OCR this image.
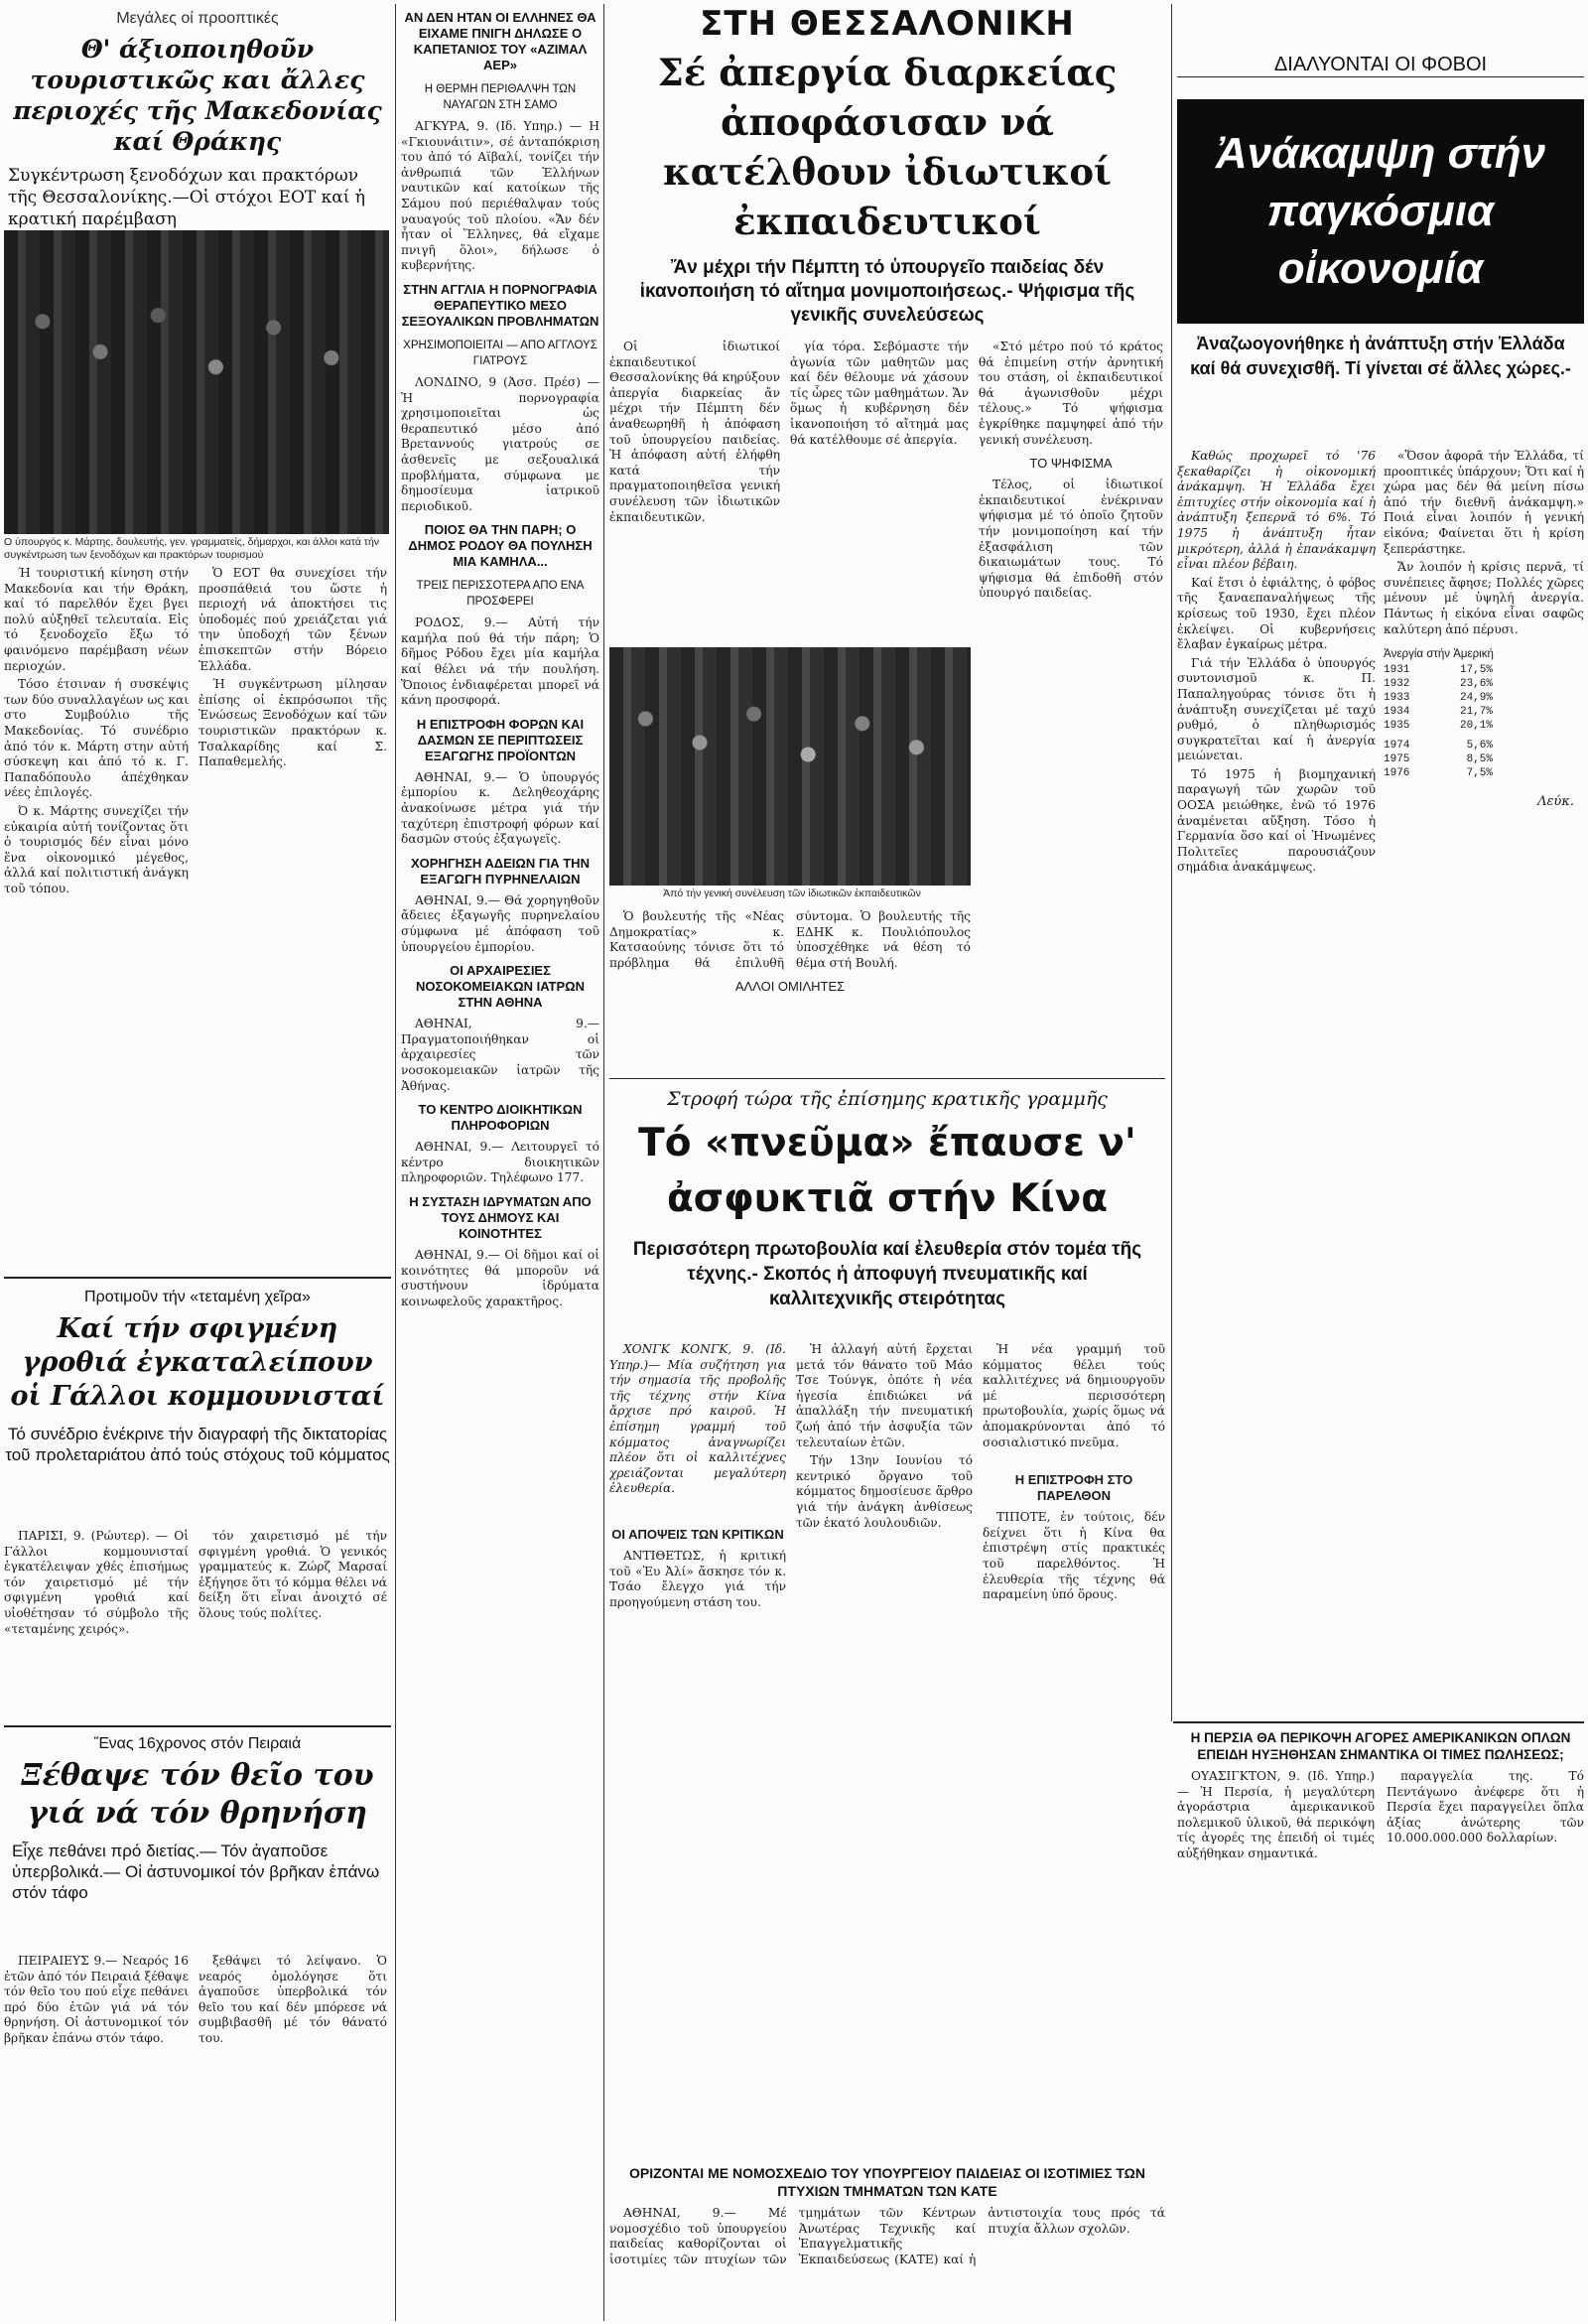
Μεγάλες οί προοπτικές
Θ' άξιοποιηθοῦν τουριστικῶς και ἄλλες περιοχές τῆς Μακεδονίας καί Θράκης
Συγκέντρωση ξενοδόχων και πρακτόρων τῆς Θεσσαλονίκης.—Οἱ στόχοι ΕΟΤ καί ἡ κρατική παρέμβαση
Ο ύπουργός κ. Μάρτης, δουλευτής, γεν. γραμματείς, δήμαρχοι, και άλλοι κατά τήν συγκέντρωση των ξενοδόχων και πρακτόρων τουρισμού

Ή τουριστική κίνηση στήν Μακεδονία και τήν Θράκη, καί τό παρελθόν ἔχει βγει πολύ αὐξηθεῖ τελευταία. Εἰς τό ξενοδοχεῖο ἔξω τό φαινόμενο παρέμβαση νέων περιοχών.

Τόσο έτσιναν ή συσκέψις των δύο συναλλαγέων ως και στο Συμβούλιο τῆς Μακεδονίας. Τό συνέδριο ἀπό τόν κ. Μάρτη στην αὐτή σύσκεψη και ἀπό τό κ. Γ. Παπαδόπουλο ἀπέχθηκαν νέες ἐπιλογές.

Ό κ. Μάρτης συνεχίζει τήν εὐκαιρία αὐτή τονίζοντας ὅτι ὁ τουρισμός δέν εἶναι μόνο ἕνα οἰκονομικό μέγεθος, ἀλλά καί πολιτιστική ἀνάγκη τοῦ τόπου.

Ὁ ΕΟΤ θα συνεχίσει τήν προσπάθειά του ὥστε ἡ περιοχή νά ἀποκτήσει τις ὑποδομές πού χρειάζεται γιά την ὑποδοχή τῶν ξένων ἐπισκεπτῶν στήν Βόρειο Ἑλλάδα.

Ή συγκέντρωση μίλησαν ἐπίσης οἱ ἐκπρόσωποι τῆς Ἑνώσεως Ξενοδόχων καί τῶν τουριστικῶν πρακτόρων κ. Τσαλκαρίδης καί Σ. Παπαθεμελής.

Προτιμοῦν τήν «τεταμένη χεῖρα»
Καί τήν σφιγμένη γροθιά ἐγκαταλείπουν οἱ Γάλλοι κομμουνισταί
Τό συνέδριο ἐνέκρινε τήν διαγραφή τῆς δικτατορίας τοῦ προλεταριάτου ἀπό τούς στόχους τοῦ κόμματος

ΠΑΡΙΣΙ, 9. (Ρώυτερ). — Οἱ Γάλλοι κομμουνισταί ἐγκατέλειψαν χθές ἐπισήμως τόν χαιρετισμό μέ τήν σφιγμένη γροθιά καί υἱοθέτησαν τό σύμβολο τῆς «τεταμένης χειρός».

τόν χαιρετισμό μέ τήν σφιγμένη γροθιά. Ὁ γενικός γραμματεύς κ. Ζώρζ Μαρσαί ἐξήγησε ὅτι τό κόμμα θέλει νά δείξη ὅτι εἶναι ἀνοιχτό σέ ὅλους τούς πολίτες.

Ἕνας 16χρονος στόν Πειραιά
Ξέθαψε τόν θεῖο του γιά νά τόν θρηνήση
Εἶχε πεθάνει πρό διετίας.— Τόν ἀγαποῦσε ὑπερβολικά.— Οἱ ἀστυνομικοί τόν βρῆκαν ἐπάνω στόν τάφο

ΠΕΙΡΑΙΕΥΣ 9.— Νεαρός 16 ἐτῶν ἀπό τόν Πειραιά ξέθαψε τόν θεῖο του πού εἶχε πεθάνει πρό δύο ἐτῶν γιά νά τόν θρηνήση. Οἱ ἀστυνομικοί τόν βρῆκαν ἐπάνω στόν τάφο.

ξεθάψει τό λείψανο. Ὁ νεαρός ὁμολόγησε ὅτι ἀγαποῦσε ὑπερβολικά τόν θεῖο του καί δέν μπόρεσε νά συμβιβασθῆ μέ τόν θάνατό του.

ΑΝ ΔΕΝ ΗΤΑΝ ΟΙ ΕΛΛΗΝΕΣ ΘΑ ΕΙΧΑΜΕ ΠΝΙΓΗ ΔΗΛΩΣΕ Ο ΚΑΠΕΤΑΝΙΟΣ ΤΟΥ «ΑΖΙΜΑΛ ΑΕΡ»
Η ΘΕΡΜΗ ΠΕΡΙΘΑΛΨΗ ΤΩΝ ΝΑΥΑΓΩΝ ΣΤΗ ΣΑΜΟ

ΑΓΚΥΡΑ, 9. (Ιδ. Υπηρ.) — Η «Γκιουνάιτιν», σέ ἀνταπόκριση του ἀπό τό Αϊβαλί, τονίζει τήν ἀνθρωπιά τῶν Ἑλλήνων ναυτικῶν καί κατοίκων τῆς Σάμου πού περιέθαλψαν τούς ναυαγούς τοῦ πλοίου. «Ἄν δέν ἦταν οἱ Ἕλληνες, θά εἴχαμε πνιγῆ ὅλοι», δήλωσε ὁ κυβερνήτης.

ΣΤΗΝ ΑΓΓΛΙΑ Η ΠΟΡΝΟΓΡΑΦΙΑ ΘΕΡΑΠΕΥΤΙΚΟ ΜΕΣΟ ΣΕΞΟΥΑΛΙΚΩΝ ΠΡΟΒΛΗΜΑΤΩΝ
ΧΡΗΣΙΜΟΠΟΙΕΙΤΑΙ — ΑΠΟ ΑΓΓΛΟΥΣ ΓΙΑΤΡΟΥΣ

ΛΟΝΔΙΝΟ, 9 (Ἀσσ. Πρέσ) — Ἡ πορνογραφία χρησιμοποιεῖται ὡς θεραπευτικό μέσο ἀπό Βρεταννούς γιατρούς σε ἀσθενεῖς με σεξουαλικά προβλήματα, σύμφωνα με δημοσίευμα ἰατρικοῦ περιοδικοῦ.

ΠΟΙΟΣ ΘΑ ΤΗΝ ΠΑΡΗ; Ο ΔΗΜΟΣ ΡΟΔΟΥ ΘΑ ΠΟΥΛΗΣΗ ΜΙΑ ΚΑΜΗΛΑ...
ΤΡΕΙΣ ΠΕΡΙΣΣΟΤΕΡΑ ΑΠΟ ΕΝΑ ΠΡΟΣΦΕΡΕΙ

ΡΟΔΟΣ, 9.— Αὐτή τήν καμήλα πού θά τήν πάρη; Ὁ δῆμος Ρόδου ἔχει μία καμήλα καί θέλει νά τήν πουλήση. Ὅποιος ἐνδιαφέρεται μπορεῖ νά κάνη προσφορά.

Η ΕΠΙΣΤΡΟΦΗ ΦΟΡΩΝ ΚΑΙ ΔΑΣΜΩΝ ΣΕ ΠΕΡΙΠΤΩΣΕΙΣ ΕΞΑΓΩΓΗΣ ΠΡΟΪΟΝΤΩΝ

ΑΘΗΝΑΙ, 9.— Ὁ ὑπουργός ἐμπορίου κ. Δεληθεοχάρης ἀνακοίνωσε μέτρα γιά τήν ταχύτερη ἐπιστροφή φόρων καί δασμῶν στούς ἐξαγωγεῖς.

ΧΟΡΗΓΗΣΗ ΑΔΕΙΩΝ ΓΙΑ ΤΗΝ ΕΞΑΓΩΓΗ ΠΥΡΗΝΕΛΑΙΩΝ

ΑΘΗΝΑΙ, 9.— Θά χορηγηθοῦν ἄδειες ἐξαγωγῆς πυρηνελαίου σύμφωνα μέ ἀπόφαση τοῦ ὑπουργείου ἐμπορίου.

ΟΙ ΑΡΧΑΙΡΕΣΙΕΣ ΝΟΣΟΚΟΜΕΙΑΚΩΝ ΙΑΤΡΩΝ ΣΤΗΝ ΑΘΗΝΑ

ΑΘΗΝΑΙ, 9.— Πραγματοποιήθηκαν οἱ ἀρχαιρεσίες τῶν νοσοκομειακῶν ἰατρῶν τῆς Ἀθήνας.

ΤΟ ΚΕΝΤΡΟ ΔΙΟΙΚΗΤΙΚΩΝ ΠΛΗΡΟΦΟΡΙΩΝ

ΑΘΗΝΑΙ, 9.— Λειτουργεῖ τό κέντρο διοικητικῶν πληροφοριῶν. Τηλέφωνο 177.

Η ΣΥΣΤΑΣΗ ΙΔΡΥΜΑΤΩΝ ΑΠΟ ΤΟΥΣ ΔΗΜΟΥΣ ΚΑΙ ΚΟΙΝΟΤΗΤΕΣ

ΑΘΗΝΑΙ, 9.— Οἱ δῆμοι καί οἱ κοινότητες θά μποροῦν νά συστήνουν ἱδρύματα κοινωφελοῦς χαρακτῆρος.

ΣΤΗ ΘΕΣΣΑΛΟΝΙΚΗ
Σέ ἀπεργία διαρκείας ἀποφάσισαν νά κατέλθουν ἰδιωτικοί ἐκπαιδευτικοί
Ἄν μέχρι τήν Πέμπτη τό ὑπουργεῖο παιδείας δέν ἱκανοποιήση τό αἴτημα μονιμοποιήσεως.- Ψήφισμα τῆς γενικῆς συνελεύσεως

Οἱ ἰδιωτικοί ἐκπαιδευτικοί Θεσσαλονίκης θά κηρύξουν ἀπεργία διαρκείας ἄν μέχρι τήν Πέμπτη δέν ἀναθεωρηθῆ ἡ ἀπόφαση τοῦ ὑπουργείου παιδείας. Ἡ ἀπόφαση αὐτή ἐλήφθη κατά τήν πραγματοποιηθεῖσα γενική συνέλευση τῶν ἰδιωτικῶν ἐκπαιδευτικῶν.

γία τόρα. Σεβόμαστε τήν ἀγωνία τῶν μαθητῶν μας καί δέν θέλουμε νά χάσουν τίς ὧρες τῶν μαθημάτων. Ἄν ὅμως ἡ κυβέρνηση δέν ἱκανοποιήση τό αἴτημά μας θά κατέλθουμε σέ ἀπεργία.

«Στό μέτρο πού τό κράτος θά ἐπιμείνη στήν ἀρνητική του στάση, οἱ ἐκπαιδευτικοί θά ἀγωνισθοῦν μέχρι τέλους.» Τό ψήφισμα ἐγκρίθηκε παμψηφεί ἀπό τήν γενική συνέλευση.

ΤΟ ΨΗΦΙΣΜΑ

Τέλος, οἱ ἰδιωτικοί ἐκπαιδευτικοί ἐνέκριναν ψήφισμα μέ τό ὁποῖο ζητοῦν τήν μονιμοποίηση καί τήν ἐξασφάλιση τῶν δικαιωμάτων τους. Τό ψήφισμα θά ἐπιδοθῆ στόν ὑπουργό παιδείας.

Ἀπό τήν γενική συνέλευση τῶν ἰδιωτικῶν ἐκπαιδευτικῶν

Ὁ βουλευτής τῆς «Νέας Δημοκρατίας» κ. Κατσαούνης τόνισε ὅτι τό πρόβλημα θά ἐπιλυθῆ σύντομα. Ὁ βουλευτής τῆς ΕΔΗΚ κ. Πουλιόπουλος ὑποσχέθηκε νά θέση τό θέμα στή Βουλή.

ΑΛΛΟΙ ΟΜΙΛΗΤΕΣ
Στροφή τώρα τῆς ἐπίσημης κρατικῆς γραμμῆς
Τό «πνεῦμα» ἔπαυσε ν' ἀσφυκτιᾶ στήν Κίνα
Περισσότερη πρωτοβουλία καί ἐλευθερία στόν τομέα τῆς τέχνης.- Σκοπός ἡ ἀποφυγή πνευματικῆς καί καλλιτεχνικῆς στειρότητας

ΧΟΝΓΚ ΚΟΝΓΚ, 9. (Ιδ. Υπηρ.)— Μία συζήτηση για τήν σημασία τῆς προβολῆς τῆς τέχνης στήν Κίνα ἄρχισε πρό καιροῦ. Ἡ ἐπίσημη γραμμή τοῦ κόμματος ἀναγνωρίζει πλέον ὅτι οἱ καλλιτέχνες χρειάζονται μεγαλύτερη ἐλευθερία.

ΟΙ ΑΠΟΨΕΙΣ ΤΩΝ ΚΡΙΤΙΚΩΝ

ΑΝΤΙΘΕΤΩΣ, ἡ κριτική τοῦ «Ἐυ Ἀλί» ἄσκησε τόν κ. Τσάο ἔλεγχο γιά τήν προηγούμενη στάση του.

Ἡ ἀλλαγή αὐτή ἔρχεται μετά τόν θάνατο τοῦ Μάο Τσε Τούνγκ, ὁπότε ἡ νέα ἡγεσία ἐπιδιώκει νά ἀπαλλάξη τήν πνευματική ζωή ἀπό τήν ἀσφυξία τῶν τελευταίων ἐτῶν.

Τήν 13ην Ιουνίου τό κεντρικό ὄργανο τοῦ κόμματος δημοσίευσε ἄρθρο γιά τήν ἀνάγκη ἀνθίσεως τῶν ἑκατό λουλουδιῶν.

Ἡ νέα γραμμή τοῦ κόμματος θέλει τούς καλλιτέχνες νά δημιουργοῦν μέ περισσότερη πρωτοβουλία, χωρίς ὅμως νά ἀπομακρύνονται ἀπό τό σοσιαλιστικό πνεῦμα.

Η ΕΠΙΣΤΡΟΦΗ ΣΤΟ ΠΑΡΕΛΘΟΝ

ΤΙΠΟΤΕ, ἐν τούτοις, δέν δείχνει ὅτι ἡ Κίνα θα ἐπιστρέψη στίς πρακτικές τοῦ παρελθόντος. Ἡ ἐλευθερία τῆς τέχνης θά παραμείνη ὑπό ὅρους.

ΟΡΙΖΟΝΤΑΙ ΜΕ ΝΟΜΟΣΧΕΔΙΟ ΤΟΥ ΥΠΟΥΡΓΕΙΟΥ ΠΑΙΔΕΙΑΣ ΟΙ ΙΣΟΤΙΜΙΕΣ ΤΩΝ ΠΤΥΧΙΩΝ ΤΜΗΜΑΤΩΝ ΤΩΝ ΚΑΤΕ

ΑΘΗΝΑΙ, 9.— Μέ νομοσχέδιο τοῦ ὑπουργείου παιδείας καθορίζονται οἱ ἰσοτιμίες τῶν πτυχίων τῶν τμημάτων τῶν Κέντρων Ἀνωτέρας Τεχνικῆς καί Ἐπαγγελματικῆς Ἐκπαιδεύσεως (ΚΑΤΕ) καί ἡ ἀντιστοιχία τους πρός τά πτυχία ἄλλων σχολῶν.

ΔΙΑΛΥΟΝΤΑΙ ΟΙ ΦΟΒΟΙ
Ἀνάκαμψη στήν παγκόσμια οἰκονομία
Ἀναζωογονήθηκε ἡ ἀνάπτυξη στήν Ἑλλάδα καί θά συνεχισθῆ. Τί γίνεται σέ ἄλλες χώρες.-

Καθώς προχωρεῖ τό '76 ξεκαθαρίζει ἡ οἰκονομική ἀνάκαμψη. Ἡ Ἑλλάδα ἔχει ἐπιτυχίες στήν οἰκονομία καί ἡ ἀνάπτυξη ξεπερνᾶ τό 6%. Τό 1975 ἡ ἀνάπτυξη ἦταν μικρότερη, ἀλλά ἡ ἐπανάκαμψη εἶναι πλέον βέβαιη.

Καί ἔτσι ὁ ἐφιάλτης, ὁ φόβος τῆς ξαναεπαναλήψεως τῆς κρίσεως τοῦ 1930, ἔχει πλέον ἐκλείψει. Οἱ κυβερνήσεις ἔλαβαν ἐγκαίρως μέτρα.

Γιά τήν Ἑλλάδα ὁ ὑπουργός συντονισμοῦ κ. Π. Παπαληγούρας τόνισε ὅτι ἡ ἀνάπτυξη συνεχίζεται μέ ταχύ ρυθμό, ὁ πληθωρισμός συγκρατεῖται καί ἡ ἀνεργία μειώνεται.

Τό 1975 ἡ βιομηχανική παραγωγή τῶν χωρῶν τοῦ ΟΟΣΑ μειώθηκε, ἐνῶ τό 1976 ἀναμένεται αὔξηση. Τόσο ἡ Γερμανία ὅσο καί οἱ Ἡνωμένες Πολιτεῖες παρουσιάζουν σημάδια ἀνακάμψεως.

«Ὅσον ἀφορᾶ τήν Ἑλλάδα, τί προοπτικές ὑπάρχουν; Ὅτι καί ἡ χώρα μας δέν θά μείνη πίσω ἀπό τήν διεθνῆ ἀνάκαμψη.» Ποιά εἶναι λοιπόν ἡ γενική εἰκόνα; Φαίνεται ὅτι ἡ κρίση ξεπεράστηκε.

Ἄν λοιπόν ἡ κρίσις περνᾶ, τί συνέπειες ἄφησε; Πολλές χῶρες μένουν μέ ὑψηλή ἀνεργία. Πάντως ἡ εἰκόνα εἶναι σαφῶς καλύτερη ἀπό πέρυσι.

Ἀνεργία στήν Ἀμερική
1931	17,5%
1932	23,6%
1933	24,9%
1934	21,7%
1935	20,1%
1974	5,6%
1975	8,5%
1976	7,5%
Λεύκ.
Η ΠΕΡΣΙΑ ΘΑ ΠΕΡΙΚΟΨΗ ΑΓΟΡΕΣ ΑΜΕΡΙΚΑΝΙΚΩΝ ΟΠΛΩΝ ΕΠΕΙΔΗ ΗΥΞΗΘΗΣΑΝ ΣΗΜΑΝΤΙΚΑ ΟΙ ΤΙΜΕΣ ΠΩΛΗΣΕΩΣ;

ΟΥΑΣΙΓΚΤΟΝ, 9. (Ιδ. Υπηρ.) — Ἡ Περσία, ἡ μεγαλύτερη ἀγοράστρια ἀμερικανικοῦ πολεμικοῦ ὑλικοῦ, θά περικόψη τίς ἀγορές της ἐπειδή οἱ τιμές αὐξήθηκαν σημαντικά.

παραγγελία της. Τό Πεντάγωνο ἀνέφερε ὅτι ἡ Περσία ἔχει παραγγείλει ὅπλα ἀξίας ἀνώτερης τῶν 10.000.000.000 δολλαρίων.
